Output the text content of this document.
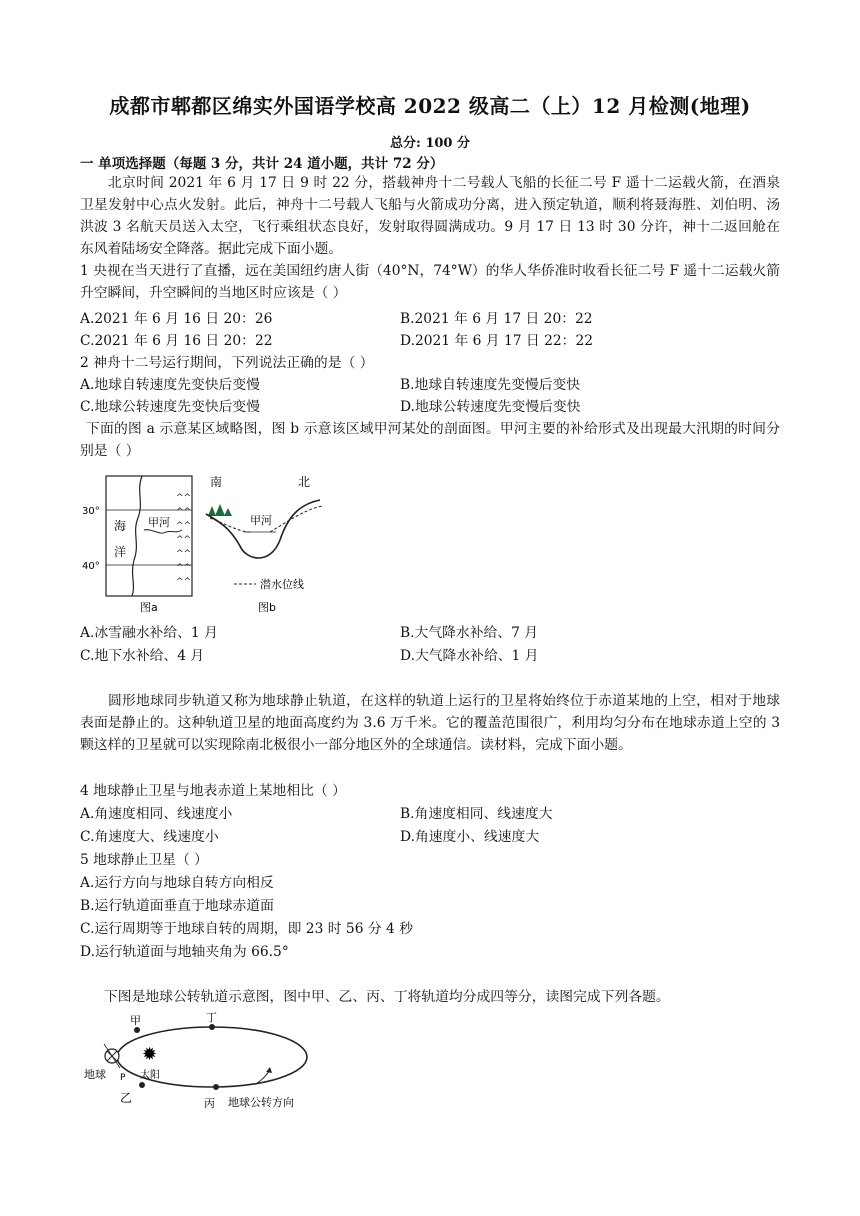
成都市郫都区绵实外国语学校高 2022 级高二（上）12 月检测(地理)
总分: 100 分
一 单项选择题（每题 3 分，共计 24 道小题，共计 72 分）
北京时间 2021 年 6 月 17 日 9 时 22 分，搭载神舟十二号载人飞船的长征二号 F 遥十二运载火箭，在酒泉卫星发射中心点火发射。此后，神舟十二号载人飞船与火箭成功分离，进入预定轨道，顺利将聂海胜、刘伯明、汤洪波 3 名航天员送入太空，飞行乘组状态良好，发射取得圆满成功。9 月 17 日 13 时 30 分许，神十二返回舱在东风着陆场安全降落。据此完成下面小题。
1 央视在当天进行了直播，远在美国纽约唐人街（40°N，74°W）的华人华侨准时收看长征二号 F 遥十二运载火箭升空瞬间，升空瞬间的当地区时应该是（ ）
A.2021 年 6 月 16 日 20：26	B.2021 年 6 月 17 日 20：22
C.2021 年 6 月 16 日 20：22	D.2021 年 6 月 17 日 22：22
2 神舟十二号运行期间，下列说法正确的是（ ）
A.地球自转速度先变快后变慢	B.地球自转速度先变慢后变快
C.地球公转速度先变快后变慢	D.地球公转速度先变慢后变快
下面的图 a 示意某区域略图，图 b 示意该区域甲河某处的剖面图。甲河主要的补给形式及出现最大汛期的时间分别是（ ）
^^
^^
^^
^^
^^
^^
^^
30°
40°
海
洋
甲河
图a
南	北
甲河
潜水位线
图b
A.冰雪融水补给、1 月	B.大气降水补给、7 月
C.地下水补给、4 月	D.大气降水补给、1 月
圆形地球同步轨道又称为地球静止轨道，在这样的轨道上运行的卫星将始终位于赤道某地的上空，相对于地球表面是静止的。这种轨道卫星的地面高度约为 3.6 万千米。它的覆盖范围很广，利用均匀分布在地球赤道上空的 3 颗这样的卫星就可以实现除南北极很小一部分地区外的全球通信。读材料，完成下面小题。
4 地球静止卫星与地表赤道上某地相比（ ）
A.角速度相同、线速度小	B.角速度相同、线速度大
C.角速度大、线速度小	D.角速度小、线速度大
5 地球静止卫星（ ）
A.运行方向与地球自转方向相反
B.运行轨道面垂直于地球赤道面
C.运行周期等于地球自转的周期，即 23 时 56 分 4 秒
D.运行轨道面与地轴夹角为 66.5°
下图是地球公转轨道示意图，图中甲、乙、丙、丁将轨道均分成四等分，读图完成下列各题。
甲	丁
乙	丙
地球 P
✹
太阳
地球公转方向
